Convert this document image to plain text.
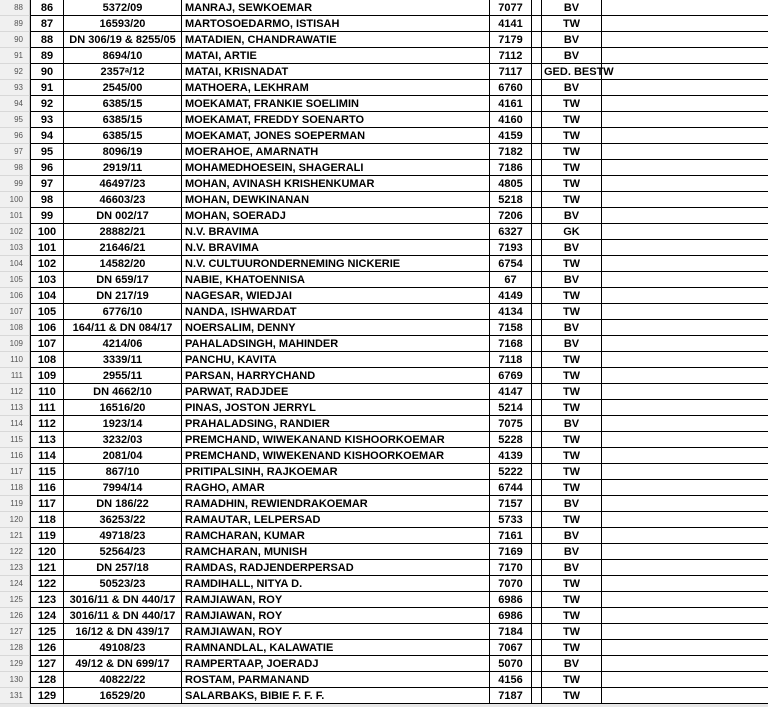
88	86	5372/09	MANRAJ, SEWKOEMAR	7077	BV
89	87	16593/20	MARTOSOEDARMO, ISTISAH	4141	TW
90	88	DN 306/19 & 8255/05 MATADIEN, CHANDRAWATIE	7179	BV
91	89	8694/10	MATAI, ARTIE	7112	BV
92	90	2357ᵃ/12	MATAI, KRISNADAT	7117	GED. BESTW
93	91	2545/00	MATHOERA, LEKHRAM	6760	BV
94	92	6385/15	MOEKAMAT, FRANKIE SOELIMIN	4161	TW
95	93	6385/15	MOEKAMAT, FREDDY SOENARTO	4160	TW
96	94	6385/15	MOEKAMAT, JONES SOEPERMAN	4159	TW
97	95	8096/19	MOERAHOE, AMARNATH	7182	TW
98	96	2919/11	MOHAMEDHOESEIN, SHAGERALI	7186	TW
99	97	46497/23	MOHAN, AVINASH KRISHENKUMAR	4805	TW
100	98	46603/23	MOHAN, DEWKINANAN	5218	TW
101	99	DN 002/17	MOHAN, SOERADJ	7206	BV
102	100	28882/21	N.V. BRAVIMA	6327	GK
103	101	21646/21	N.V. BRAVIMA	7193	BV
104	102	14582/20	N.V. CULTUURONDERNEMING NICKERIE	6754	TW
105	103	DN 659/17	NABIE, KHATOENNISA	67	BV
106	104	DN 217/19	NAGESAR, WIEDJAI	4149	TW
107	105	6776/10	NANDA, ISHWARDAT	4134	TW
108	106	164/11 & DN 084/17	NOERSALIM, DENNY	7158	BV
109	107	4214/06	PAHALADSINGH, MAHINDER	7168	BV
110	108	3339/11	PANCHU, KAVITA	7118	TW
111	109	2955/11	PARSAN, HARRYCHAND	6769	TW
112	110	DN 4662/10	PARWAT, RADJDEE	4147	TW
113	111	16516/20	PINAS, JOSTON JERRYL	5214	TW
114	112	1923/14	PRAHALADSING, RANDIER	7075	BV
115	113	3232/03	PREMCHAND, WIWEKANAND KISHOORKOEMAR	5228	TW
116	114	2081/04	PREMCHAND, WIWEKENAND KISHOORKOEMAR	4139	TW
117	115	867/10	PRITIPALSINH, RAJKOEMAR	5222	TW
118	116	7994/14	RAGHO, AMAR	6744	TW
119	117	DN 186/22	RAMADHIN, REWIENDRAKOEMAR	7157	BV
120	118	36253/22	RAMAUTAR, LELPERSAD	5733	TW
121	119	49718/23	RAMCHARAN, KUMAR	7161	BV
122	120	52564/23	RAMCHARAN, MUNISH	7169	BV
123	121	DN 257/18	RAMDAS, RADJENDERPERSAD	7170	BV
124	122	50523/23	RAMDIHALL, NITYA D.	7070	TW
125	123	3016/11 & DN 440/17 RAMJIAWAN, ROY	6986	TW
126	124	3016/11 & DN 440/17 RAMJIAWAN, ROY	6986	TW
127	125	16/12 & DN 439/17	RAMJIAWAN, ROY	7184	TW
128	126	49108/23	RAMNANDLAL, KALAWATIE	7067	TW
129	127	49/12 & DN 699/17	RAMPERTAAP, JOERADJ	5070	BV
130	128	40822/22	ROSTAM, PARMANAND	4156	TW
131	129	16529/20	SALARBAKS, BIBIE F. F. F.	7187	TW
